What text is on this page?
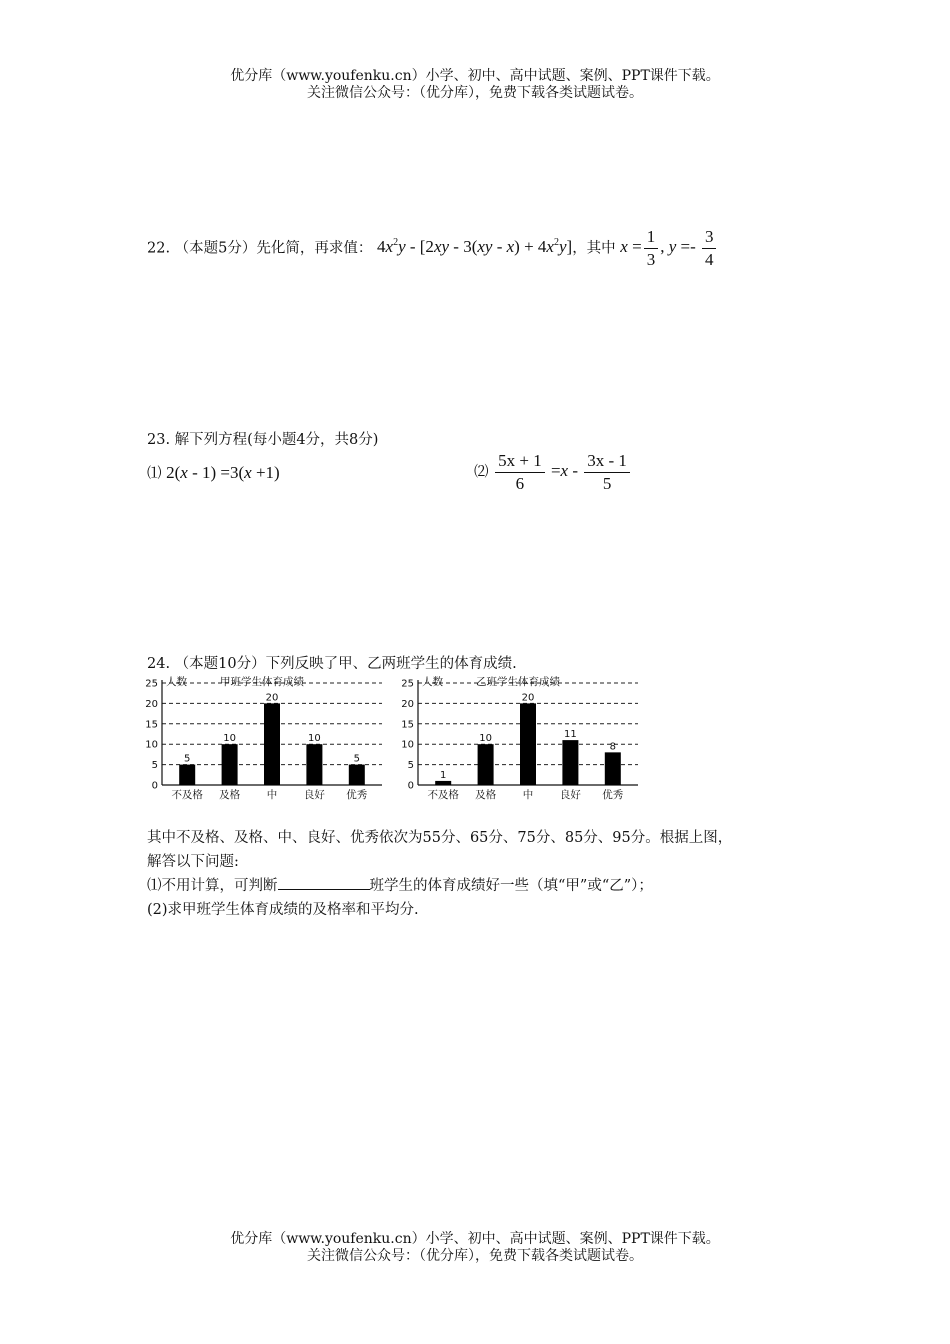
优分库（www.youfenku.cn）小学、初中、高中试题、案例、PPT课件下载。
关注微信公众号：（优分库），免费下载各类试题试卷。
22. （本题5分）先化简，再求值： $4x^2y - [2xy - 3(xy - x) + 4x^2y]$，其中 $x = \frac{1}{3}$ , $y =- \frac{3}{4}$
23. 解下列方程(每小题4分，共8分)
⑴ 2(x - 1) =3(x +1)	⑵ $\frac{5x + 1}{6} =x - \frac{3x - 1}{5}$
24. （本题10分）下列反映了甲、乙两班学生的体育成绩.
0
5
10
15
20
25 人数	甲班学生体育成绩
5
不及格
10
及格
20
中
10
良好
5
优秀
0
5
10
15
20
25 人数	乙班学生体育成绩
1
不及格
10
及格
20
中
11
良好
8
优秀
其中不及格、及格、中、良好、优秀依次为55分、65分、75分、85分、95分。根据上图，
解答以下问题:
⑴不用计算，可判断	班学生的体育成绩好一些（填“甲”或“乙”）；
(2)求甲班学生体育成绩的及格率和平均分.
优分库（www.youfenku.cn）小学、初中、高中试题、案例、PPT课件下载。
关注微信公众号：（优分库），免费下载各类试题试卷。
